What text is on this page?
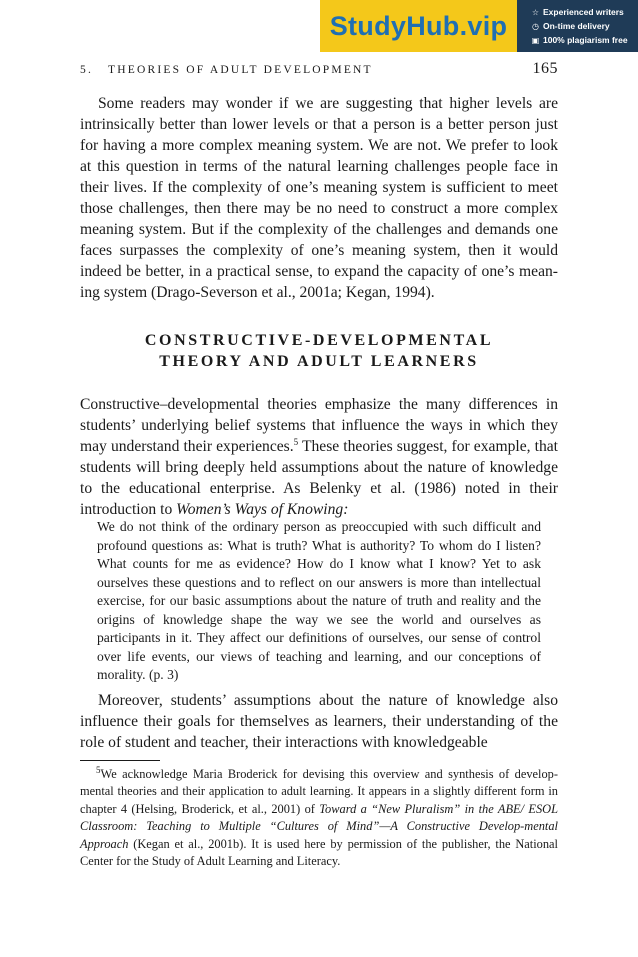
StudyHub.vip	☆ Experienced writers
◷ On-time delivery
▣ 100% plagiarism free
5.   THEORIES OF ADULT DEVELOPMENT	165
Some readers may wonder if we are suggesting that higher levels are intrinsically better than lower levels or that a person is a better person just for having a more complex meaning system. We are not. We prefer to look at this question in terms of the natural learning challenges people face in their lives. If the complexity of one’s meaning system is sufficient to meet those challenges, then there may be no need to construct a more complex meaning system. But if the complexity of the challenges and demands one faces surpasses the complexity of one’s meaning system, then it would indeed be better, in a practical sense, to expand the capacity of one’s mean-ing system (Drago-Severson et al., 2001a; Kegan, 1994).
CONSTRUCTIVE-DEVELOPMENTAL
THEORY AND ADULT LEARNERS
Constructive–developmental theories emphasize the many differences in students’ underlying belief systems that influence the ways in which they may understand their experiences.$^5$ These theories suggest, for example, that students will bring deeply held assumptions about the nature of knowledge to the educational enterprise. As Belenky et al. (1986) noted in their introduction to Women’s Ways of Knowing:
We do not think of the ordinary person as preoccupied with such difficult and profound questions as: What is truth? What is authority? To whom do I listen? What counts for me as evidence? How do I know what I know? Yet to ask ourselves these questions and to reflect on our answers is more than intellectual exercise, for our basic assumptions about the nature of truth and reality and the origins of knowledge shape the way we see the world and ourselves as participants in it. They affect our definitions of ourselves, our sense of control over life events, our views of teaching and learning, and our conceptions of morality. (p. 3)
Moreover, students’ assumptions about the nature of knowledge also influence their goals for themselves as learners, their understanding of the role of student and teacher, their interactions with knowledgeable
$^5$We acknowledge Maria Broderick for devising this overview and synthesis of develop-mental theories and their application to adult learning. It appears in a slightly different form in chapter 4 (Helsing, Broderick, et al., 2001) of Toward a “New Pluralism” in the ABE/ ESOL Classroom: Teaching to Multiple “Cultures of Mind”—A Constructive Develop-mental Approach (Kegan et al., 2001b). It is used here by permission of the publisher, the National Center for the Study of Adult Learning and Literacy.
